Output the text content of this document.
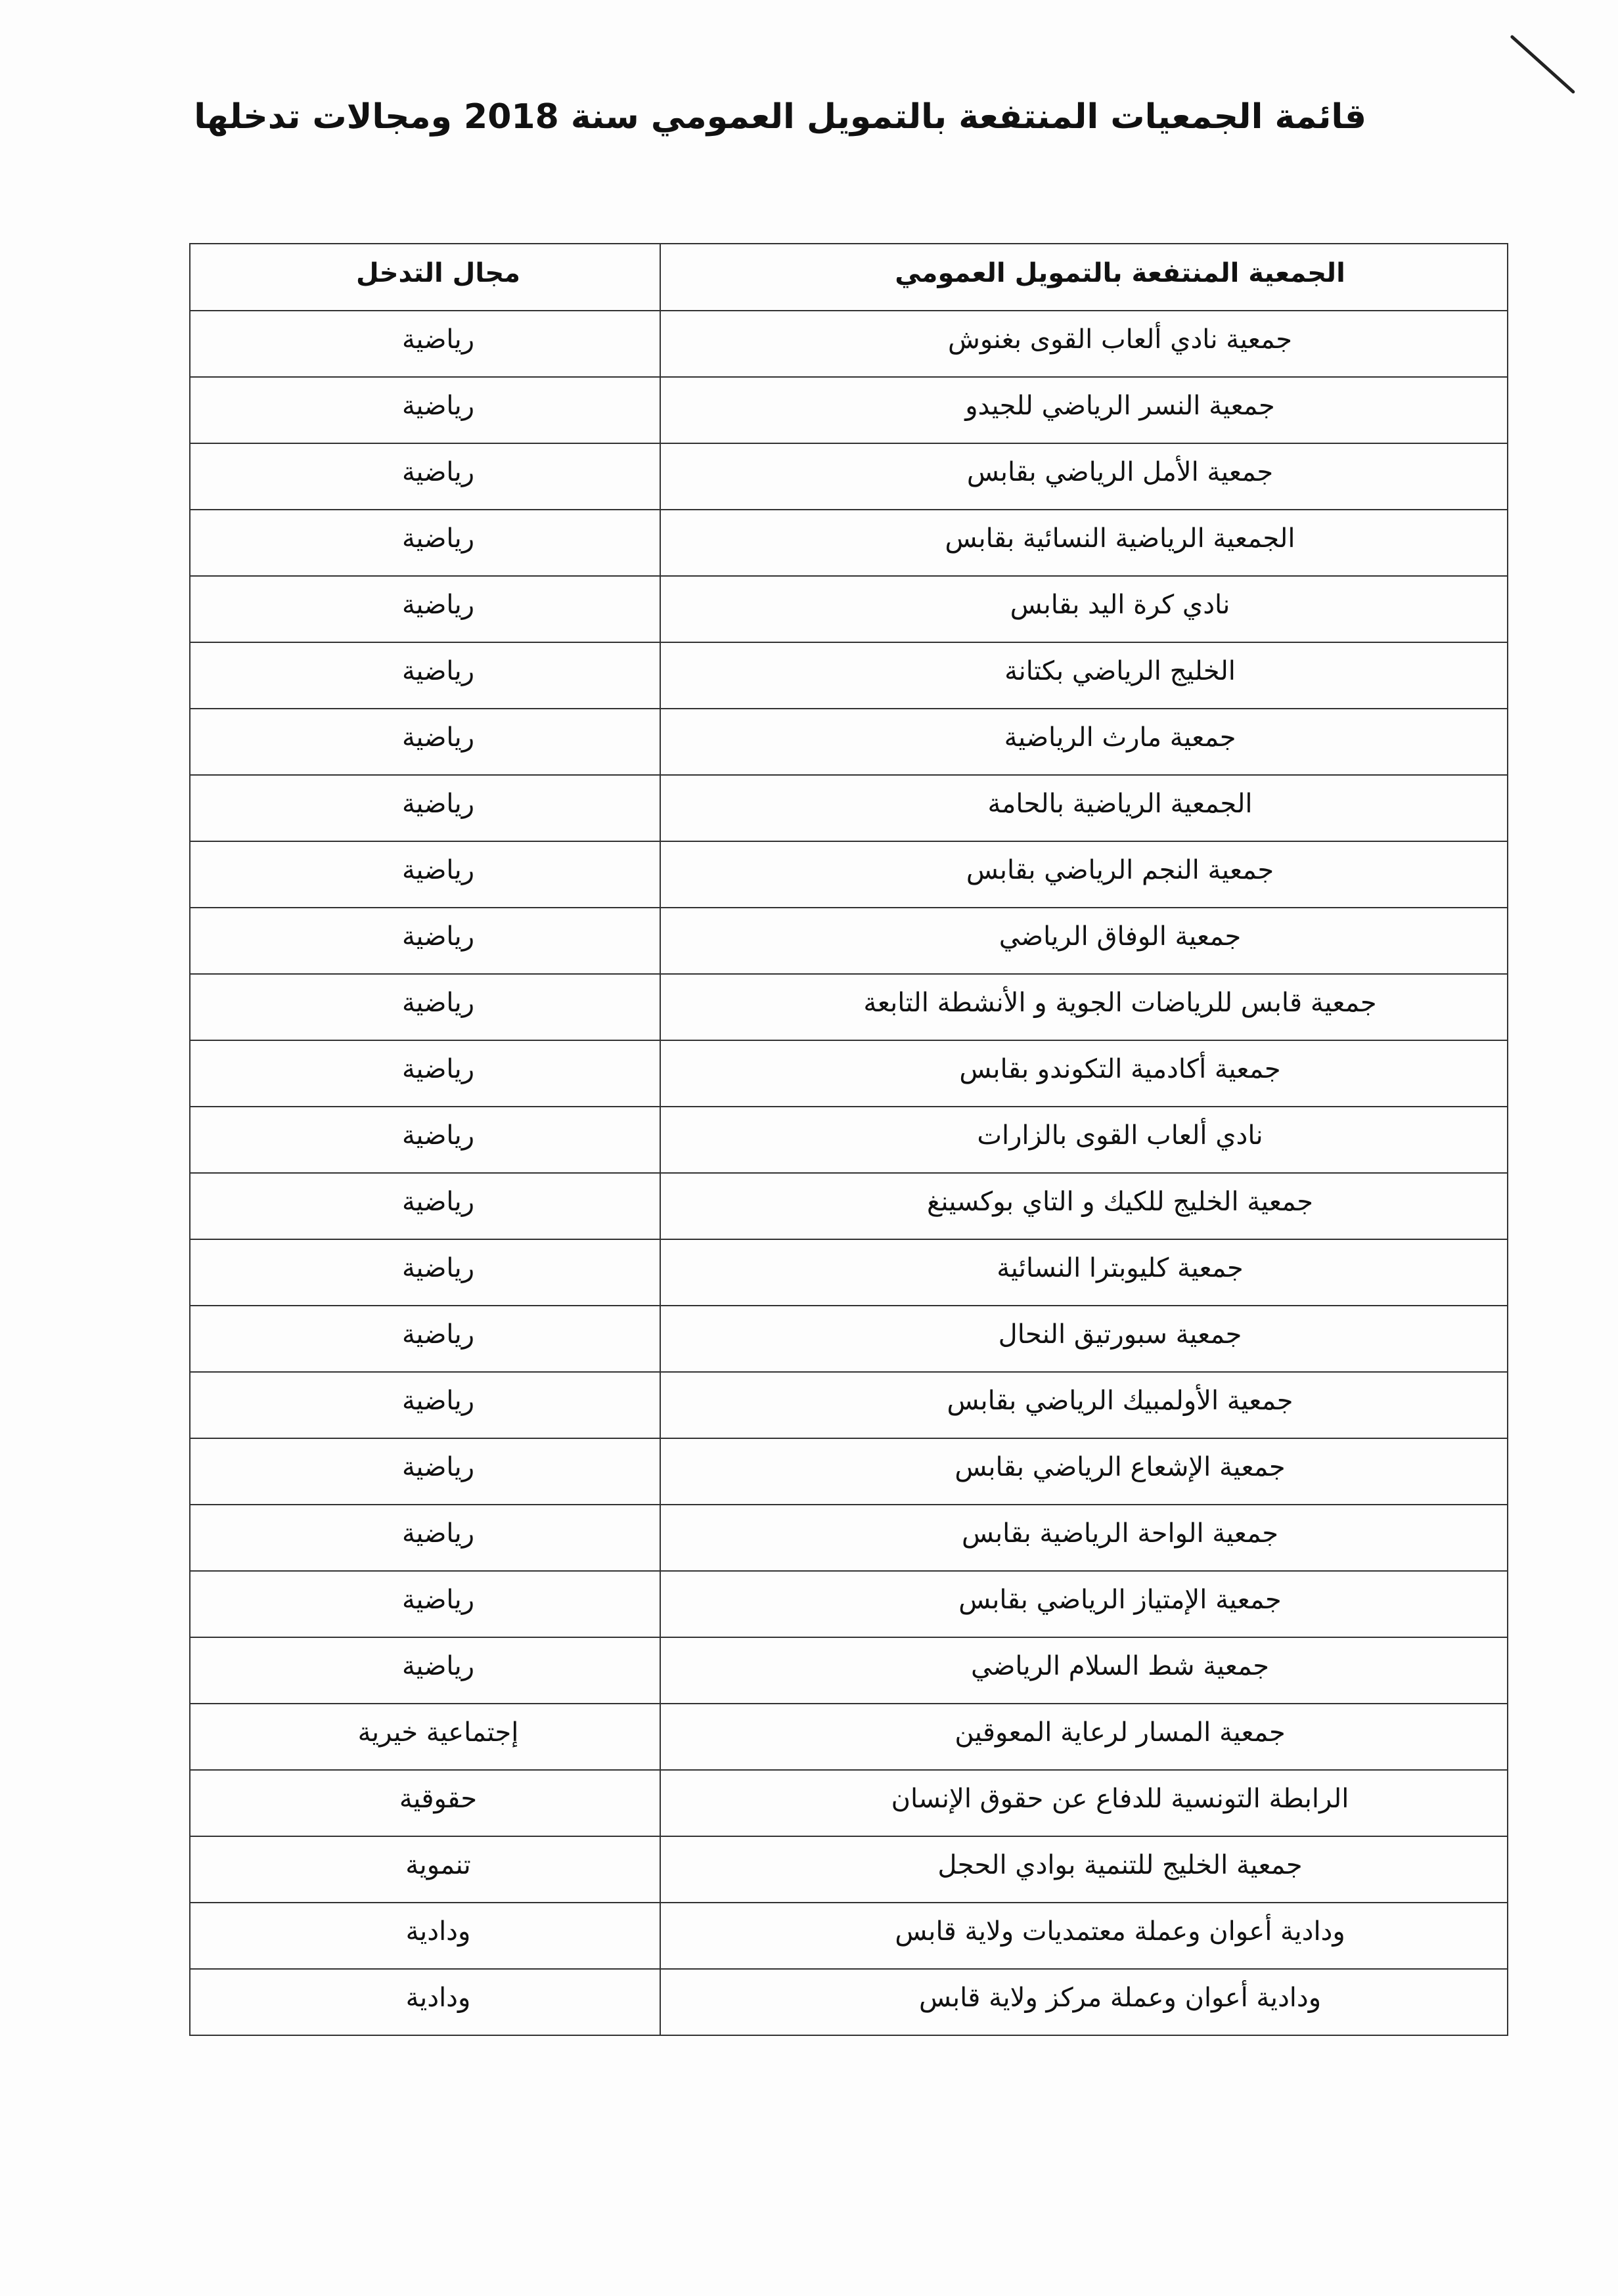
قائمة الجمعيات المنتفعة بالتمويل العمومي سنة 2018 ومجالات تدخلها
الجمعية المنتفعة بالتمويل العمومي	مجال التدخل
جمعية نادي ألعاب القوى بغنوش	رياضية
جمعية النسر الرياضي للجيدو	رياضية
جمعية الأمل الرياضي بقابس	رياضية
الجمعية الرياضية النسائية بقابس	رياضية
نادي كرة اليد بقابس	رياضية
الخليج الرياضي بكتانة	رياضية
جمعية مارث الرياضية	رياضية
الجمعية الرياضية بالحامة	رياضية
جمعية النجم الرياضي بقابس	رياضية
جمعية الوفاق الرياضي	رياضية
جمعية قابس للرياضات الجوية و الأنشطة التابعة	رياضية
جمعية أكادمية التكوندو بقابس	رياضية
نادي ألعاب القوى بالزارات	رياضية
جمعية الخليج للكيك و التاي بوكسينغ	رياضية
جمعية كليوبترا النسائية	رياضية
جمعية سبورتيق النحال	رياضية
جمعية الأولمبيك الرياضي بقابس	رياضية
جمعية الإشعاع الرياضي بقابس	رياضية
جمعية الواحة الرياضية بقابس	رياضية
جمعية الإمتياز الرياضي بقابس	رياضية
جمعية شط السلام الرياضي	رياضية
جمعية المسار لرعاية المعوقين	إجتماعية خيرية
الرابطة التونسية للدفاع عن حقوق الإنسان	حقوقية
جمعية الخليج للتنمية بوادي الحجل	تنموية
ودادية أعوان وعملة معتمديات ولاية قابس	ودادية
ودادية أعوان وعملة مركز ولاية قابس	ودادية
